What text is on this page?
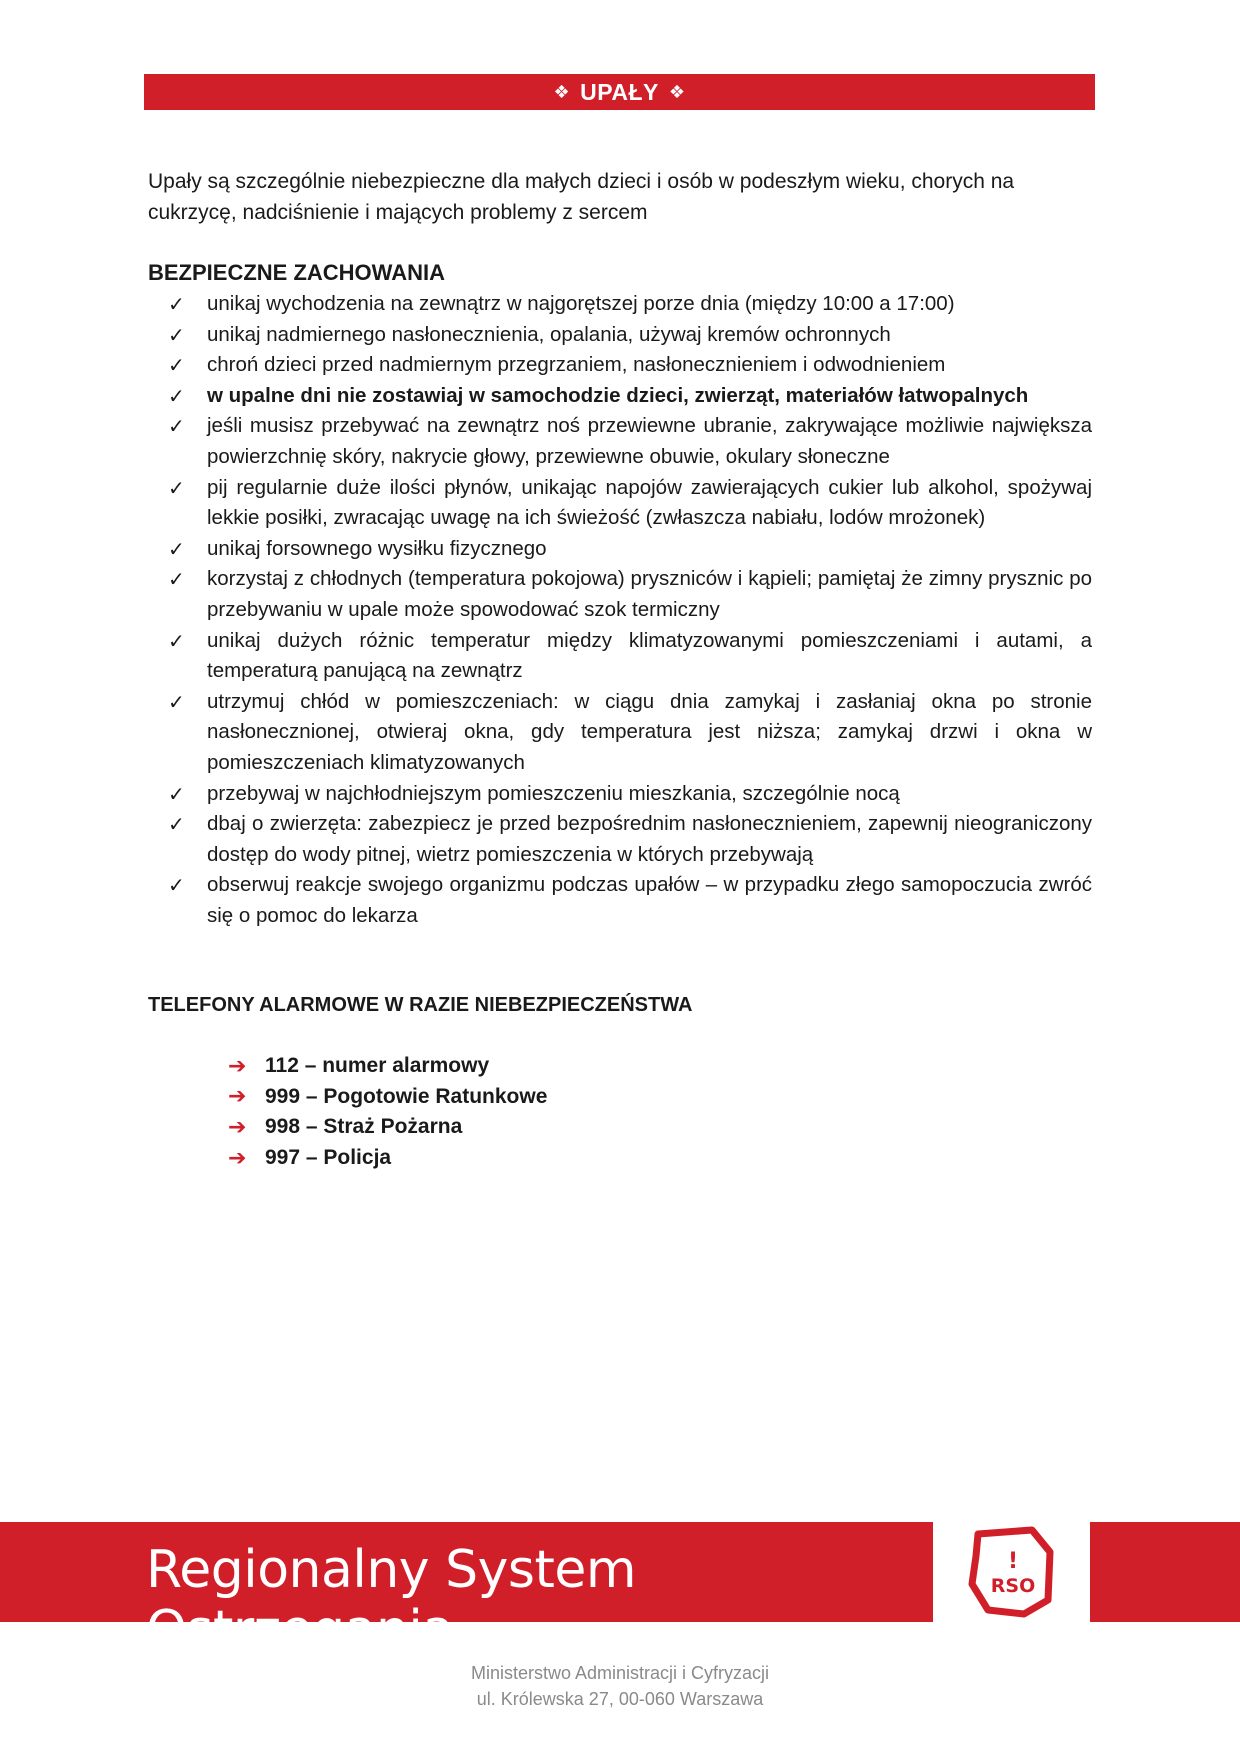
❖ UPAŁY ❖

Upały są szczególnie niebezpieczne dla małych dzieci i osób w podeszłym wieku, chorych na cukrzycę, nadciśnienie i mających problemy z sercem

BEZPIECZNE ZACHOWANIA
✓	unikaj wychodzenia na zewnątrz w najgorętszej porze dnia (między 10:00 a 17:00)
✓	unikaj nadmiernego nasłonecznienia, opalania, używaj kremów ochronnych
✓	chroń dzieci przed nadmiernym przegrzaniem, nasłonecznieniem i odwodnieniem
✓	w upalne dni nie zostawiaj w samochodzie dzieci, zwierząt, materiałów łatwopalnych
✓	jeśli musisz przebywać na zewnątrz noś przewiewne ubranie, zakrywające możliwie największa powierzchnię skóry, nakrycie głowy, przewiewne obuwie, okulary słoneczne
✓	pij regularnie duże ilości płynów, unikając napojów zawierających cukier lub alkohol, spożywaj lekkie posiłki, zwracając uwagę na ich świeżość (zwłaszcza nabiału, lodów mrożonek)
✓	unikaj forsownego wysiłku fizycznego
✓	korzystaj z chłodnych (temperatura pokojowa) pryszniców i kąpieli; pamiętaj że zimny prysznic po przebywaniu w upale może spowodować szok termiczny
✓	unikaj dużych różnic temperatur między klimatyzowanymi pomieszczeniami i autami, a temperaturą panującą na zewnątrz
✓	utrzymuj chłód w pomieszczeniach: w ciągu dnia zamykaj i zasłaniaj okna po stronie nasłonecznionej, otwieraj okna, gdy temperatura jest niższa; zamykaj drzwi i okna w pomieszczeniach klimatyzowanych
✓	przebywaj w najchłodniejszym pomieszczeniu mieszkania, szczególnie nocą
✓	dbaj o zwierzęta: zabezpiecz je przed bezpośrednim nasłonecznieniem, zapewnij nieograniczony dostęp do wody pitnej, wietrz pomieszczenia w których przebywają
✓	obserwuj reakcje swojego organizmu podczas upałów – w przypadku złego samopoczucia zwróć się o pomoc do lekarza
TELEFONY ALARMOWE W RAZIE NIEBEZPIECZEŃSTWA
➔ 112 – numer alarmowy
➔ 999 – Pogotowie Ratunkowe
➔ 998 – Straż Pożarna
➔ 997 – Policja
Regionalny System Ostrzegania
!
RSO
Ministerstwo Administracji i Cyfryzacji
ul. Królewska 27, 00-060 Warszawa
